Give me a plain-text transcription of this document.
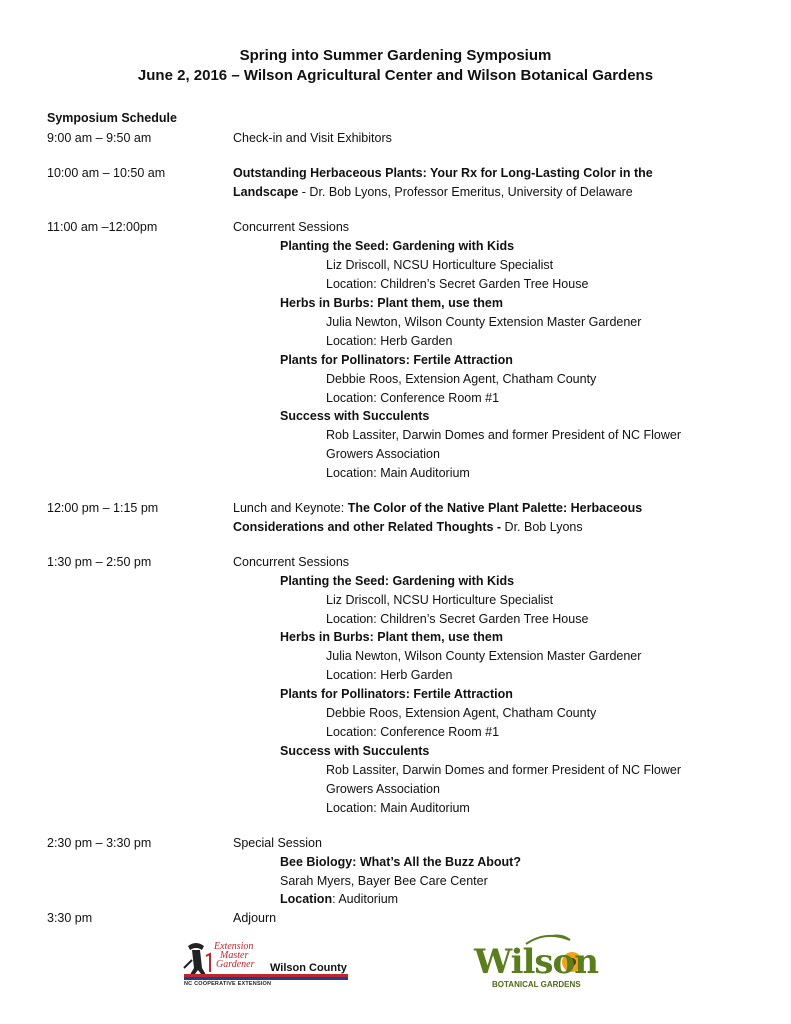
Spring into Summer Gardening Symposium
June 2, 2016 – Wilson Agricultural Center and Wilson Botanical Gardens
Symposium Schedule
9:00 am – 9:50 am	Check-in and Visit Exhibitors
10:00 am – 10:50 am	Outstanding Herbaceous Plants: Your Rx for Long-Lasting Color in the
Landscape - Dr. Bob Lyons, Professor Emeritus, University of Delaware
11:00 am –12:00pm	Concurrent Sessions
Planting the Seed: Gardening with Kids
Liz Driscoll, NCSU Horticulture Specialist
Location: Children’s Secret Garden Tree House
Herbs in Burbs: Plant them, use them
Julia Newton, Wilson County Extension Master Gardener
Location: Herb Garden
Plants for Pollinators: Fertile Attraction
Debbie Roos, Extension Agent, Chatham County
Location: Conference Room #1
Success with Succulents
Rob Lassiter, Darwin Domes and former President of NC Flower
Growers Association
Location: Main Auditorium
12:00 pm – 1:15 pm	Lunch and Keynote: The Color of the Native Plant Palette: Herbaceous
Considerations and other Related Thoughts - Dr. Bob Lyons
1:30 pm – 2:50 pm	Concurrent Sessions
Planting the Seed: Gardening with Kids
Liz Driscoll, NCSU Horticulture Specialist
Location: Children’s Secret Garden Tree House
Herbs in Burbs: Plant them, use them
Julia Newton, Wilson County Extension Master Gardener
Location: Herb Garden
Plants for Pollinators: Fertile Attraction
Debbie Roos, Extension Agent, Chatham County
Location: Conference Room #1
Success with Succulents
Rob Lassiter, Darwin Domes and former President of NC Flower
Growers Association
Location: Main Auditorium
2:30 pm – 3:30 pm	Special Session
Bee Biology: What’s All the Buzz About?
Sarah Myers, Bayer Bee Care Center
Location: Auditorium
3:30 pm	Adjourn
Extension
Master
Gardener Wilson County
NC COOPERATIVE EXTENSION
Wilson
BOTANICAL GARDENS
